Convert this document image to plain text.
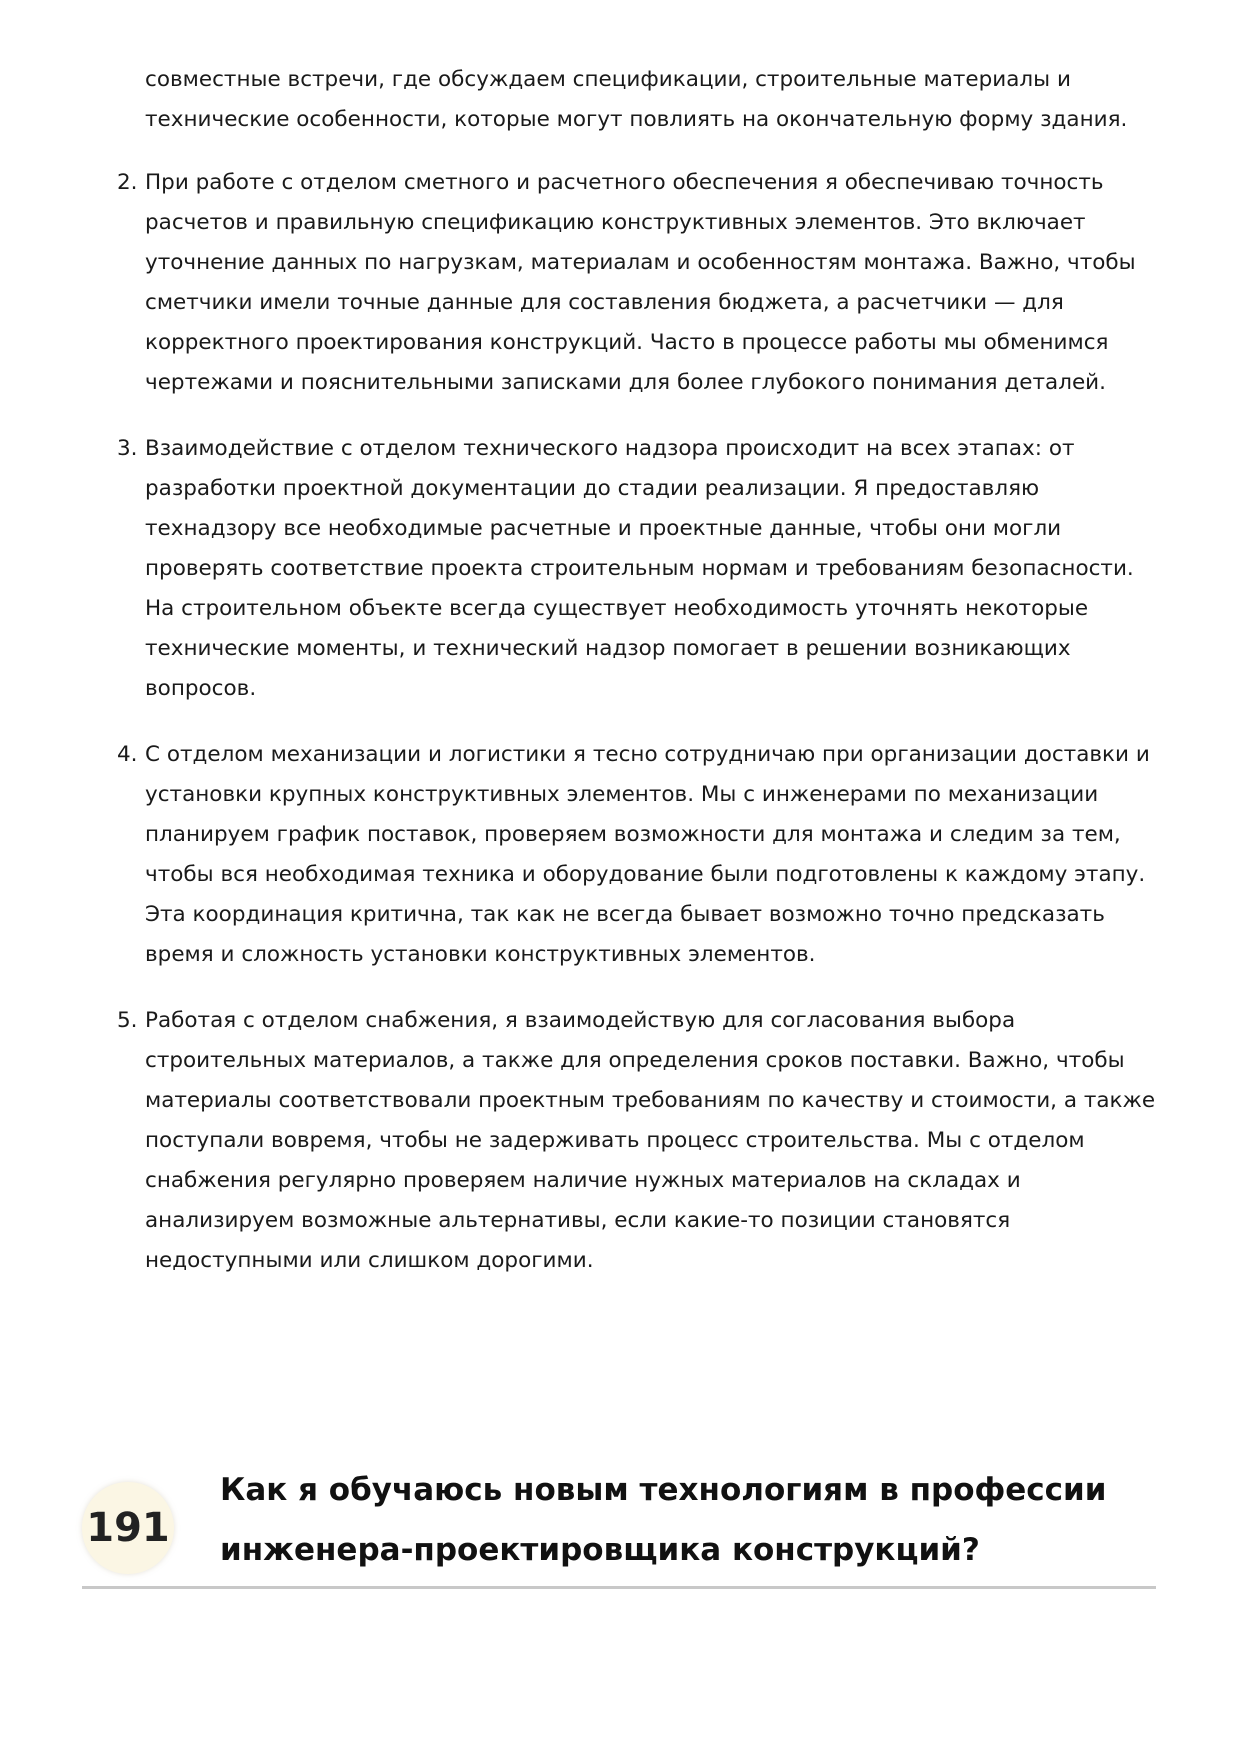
совместные встречи, где обсуждаем спецификации, строительные материалы и технические особенности, которые могут повлиять на окончательную форму здания.

2. При работе с отделом сметного и расчетного обеспечения я обеспечиваю точность расчетов и правильную спецификацию конструктивных элементов. Это включает уточнение данных по нагрузкам, материалам и особенностям монтажа. Важно, чтобы сметчики имели точные данные для составления бюджета, а расчетчики — для корректного проектирования конструкций. Часто в процессе работы мы обменимся чертежами и пояснительными записками для более глубокого понимания деталей.
3. Взаимодействие с отделом технического надзора происходит на всех этапах: от разработки проектной документации до стадии реализации. Я предоставляю технадзору все необходимые расчетные и проектные данные, чтобы они могли проверять соответствие проекта строительным нормам и требованиям безопасности. На строительном объекте всегда существует необходимость уточнять некоторые технические моменты, и технический надзор помогает в решении возникающих вопросов.
4. С отделом механизации и логистики я тесно сотрудничаю при организации доставки и установки крупных конструктивных элементов. Мы с инженерами по механизации планируем график поставок, проверяем возможности для монтажа и следим за тем, чтобы вся необходимая техника и оборудование были подготовлены к каждому этапу. Эта координация критична, так как не всегда бывает возможно точно предсказать время и сложность установки конструктивных элементов.
5. Работая с отделом снабжения, я взаимодействую для согласования выбора строительных материалов, а также для определения сроков поставки. Важно, чтобы материалы соответствовали проектным требованиям по качеству и стоимости, а также поступали вовремя, чтобы не задерживать процесс строительства. Мы с отделом снабжения регулярно проверяем наличие нужных материалов на складах и анализируем возможные альтернативы, если какие-то позиции становятся недоступными или слишком дорогими.
191
Как я обучаюсь новым технологиям в профессии инженера-проектировщика конструкций?
